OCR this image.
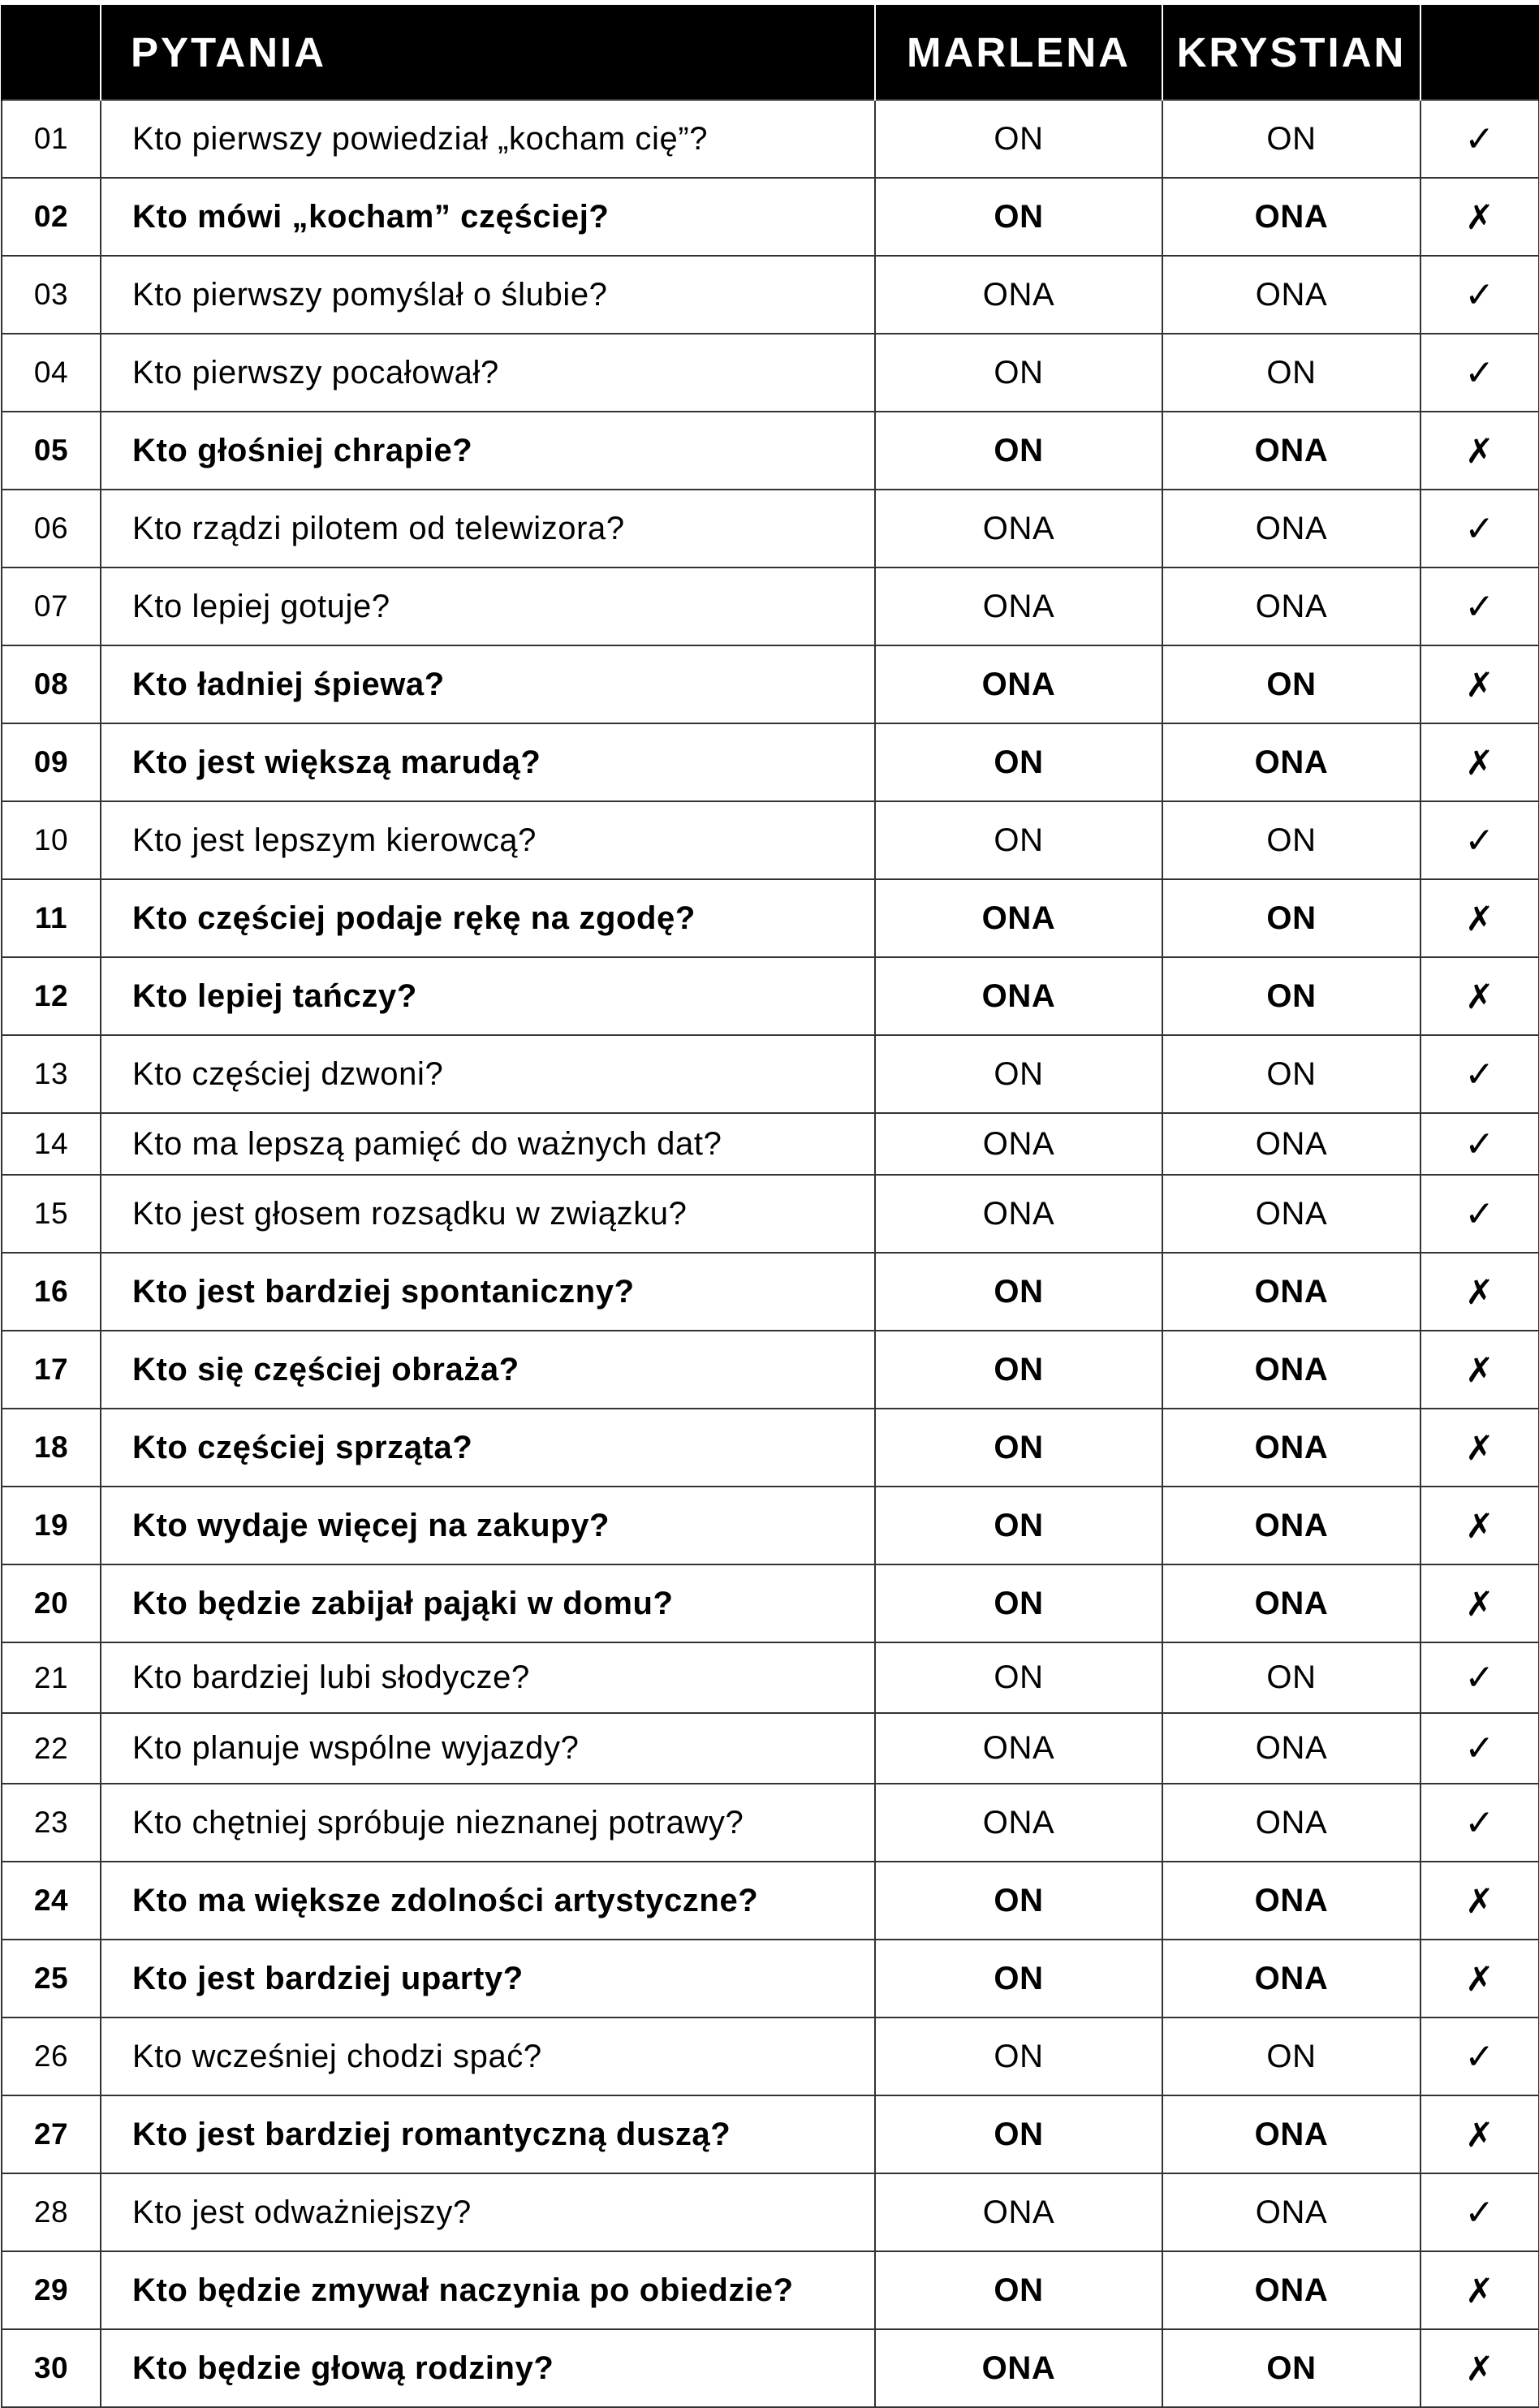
	PYTANIA	MARLENA	KRYSTIAN	
01	Kto pierwszy powiedział „kocham cię”?	ON	ON	✓
02	Kto mówi „kocham” częściej?	ON	ONA	✗
03	Kto pierwszy pomyślał o ślubie?	ONA	ONA	✓
04	Kto pierwszy pocałował?	ON	ON	✓
05	Kto głośniej chrapie?	ON	ONA	✗
06	Kto rządzi pilotem od telewizora?	ONA	ONA	✓
07	Kto lepiej gotuje?	ONA	ONA	✓
08	Kto ładniej śpiewa?	ONA	ON	✗
09	Kto jest większą marudą?	ON	ONA	✗
10	Kto jest lepszym kierowcą?	ON	ON	✓
11	Kto częściej podaje rękę na zgodę?	ONA	ON	✗
12	Kto lepiej tańczy?	ONA	ON	✗
13	Kto częściej dzwoni?	ON	ON	✓
14	Kto ma lepszą pamięć do ważnych dat?	ONA	ONA	✓
15	Kto jest głosem rozsądku w związku?	ONA	ONA	✓
16	Kto jest bardziej spontaniczny?	ON	ONA	✗
17	Kto się częściej obraża?	ON	ONA	✗
18	Kto częściej sprząta?	ON	ONA	✗
19	Kto wydaje więcej na zakupy?	ON	ONA	✗
20	Kto będzie zabijał pająki w domu?	ON	ONA	✗
21	Kto bardziej lubi słodycze?	ON	ON	✓
22	Kto planuje wspólne wyjazdy?	ONA	ONA	✓
23	Kto chętniej spróbuje nieznanej potrawy?	ONA	ONA	✓
24	Kto ma większe zdolności artystyczne?	ON	ONA	✗
25	Kto jest bardziej uparty?	ON	ONA	✗
26	Kto wcześniej chodzi spać?	ON	ON	✓
27	Kto jest bardziej romantyczną duszą?	ON	ONA	✗
28	Kto jest odważniejszy?	ONA	ONA	✓
29	Kto będzie zmywał naczynia po obiedzie?	ON	ONA	✗
30	Kto będzie głową rodziny?	ONA	ON	✗
